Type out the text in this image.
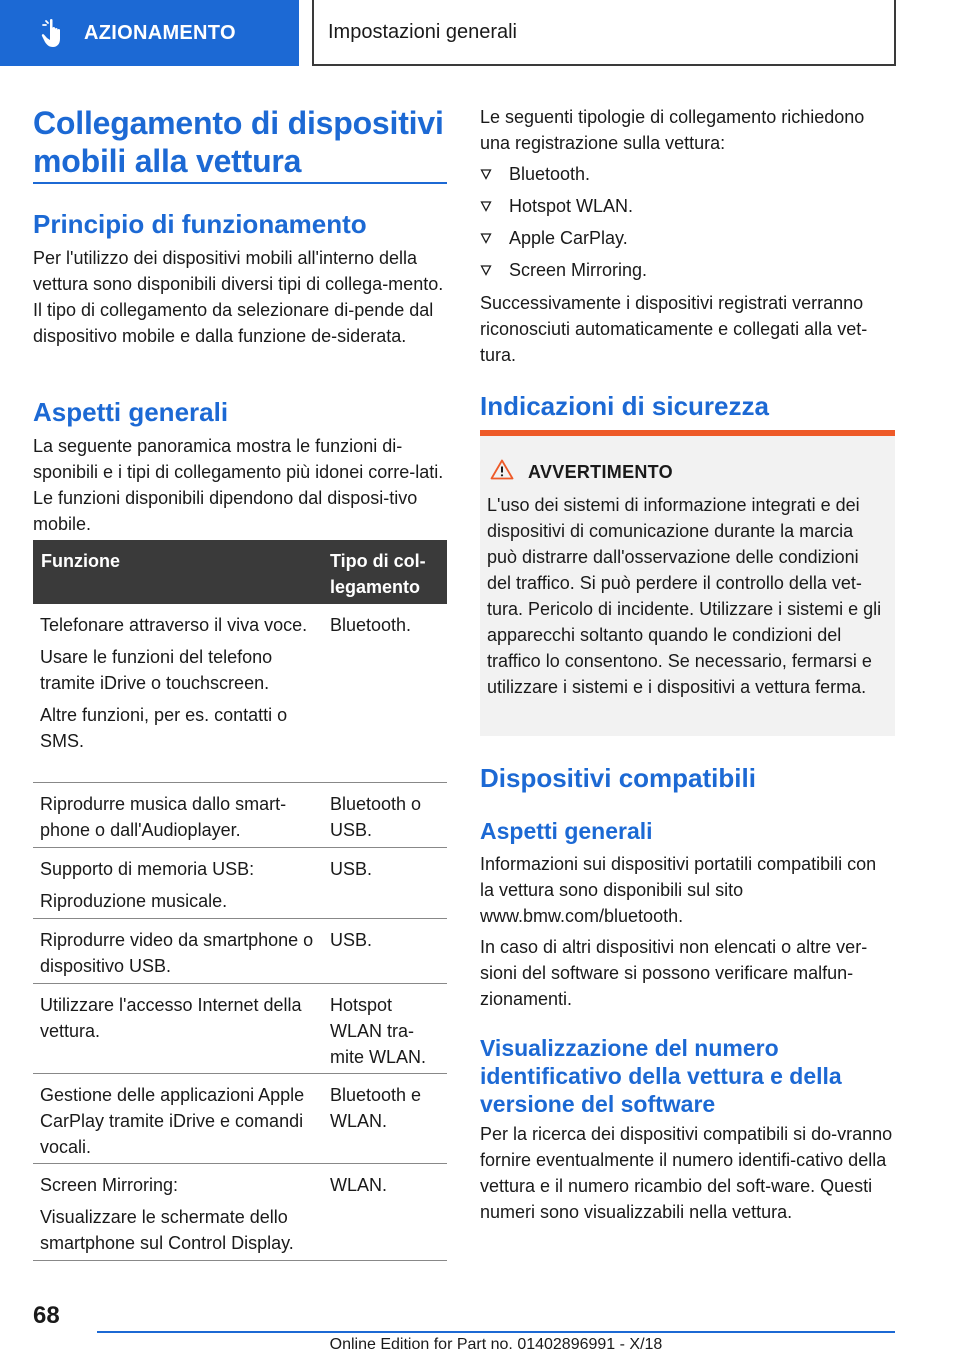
AZIONAMENTO	Impostazioni generali
Collegamento di dispositivi
mobili alla vettura
Principio di funzionamento
Per l'utilizzo dei dispositivi mobili all'interno della vettura sono disponibili diversi tipi di collega-mento. Il tipo di collegamento da selezionare di-pende dal dispositivo mobile e dalla funzione de-siderata.
Aspetti generali
La seguente panoramica mostra le funzioni di-sponibili e i tipi di collegamento più idonei corre-lati. Le funzioni disponibili dipendono dal disposi-tivo mobile.
Funzione	Tipo di col-legamento
Telefonare attraverso il viva voce.
Usare le funzioni del telefono tramite iDrive o touchscreen.
Altre funzioni, per es. contatti o SMS.
Bluetooth.
Riprodurre musica dallo smart-phone o dall'Audioplayer.
Bluetooth o USB.
Supporto di memoria USB:
Riproduzione musicale.
USB.
Riprodurre video da smartphone o dispositivo USB.
USB.
Utilizzare l'accesso Internet della vettura.
Hotspot WLAN tra-mite WLAN.
Gestione delle applicazioni Apple CarPlay tramite iDrive e comandi vocali.
Bluetooth e WLAN.
Screen Mirroring:
Visualizzare le schermate dello smartphone sul Control Display.
WLAN.
Le seguenti tipologie di collegamento richiedono una registrazione sulla vettura:
Bluetooth.
Hotspot WLAN.
Apple CarPlay.
Screen Mirroring.
Successivamente i dispositivi registrati verranno riconosciuti automaticamente e collegati alla vet-tura.
Indicazioni di sicurezza
AVVERTIMENTO
L'uso dei sistemi di informazione integrati e dei dispositivi di comunicazione durante la marcia può distrarre dall'osservazione delle condizioni del traffico. Si può perdere il controllo della vet-tura. Pericolo di incidente. Utilizzare i sistemi e gli apparecchi soltanto quando le condizioni del traffico lo consentono. Se necessario, fermarsi e utilizzare i sistemi e i dispositivi a vettura ferma.
Dispositivi compatibili
Aspetti generali
Informazioni sui dispositivi portatili compatibili con la vettura sono disponibili sul sito www.bmw.com/bluetooth.
In caso di altri dispositivi non elencati o altre ver-sioni del software si possono verificare malfun-zionamenti.
Visualizzazione del numero identificativo della vettura e della versione del software
Per la ricerca dei dispositivi compatibili si do-vranno fornire eventualmente il numero identifi-cativo della vettura e il numero ricambio del soft-ware. Questi numeri sono visualizzabili nella vettura.
68
Online Edition for Part no. 01402896991 - X/18
